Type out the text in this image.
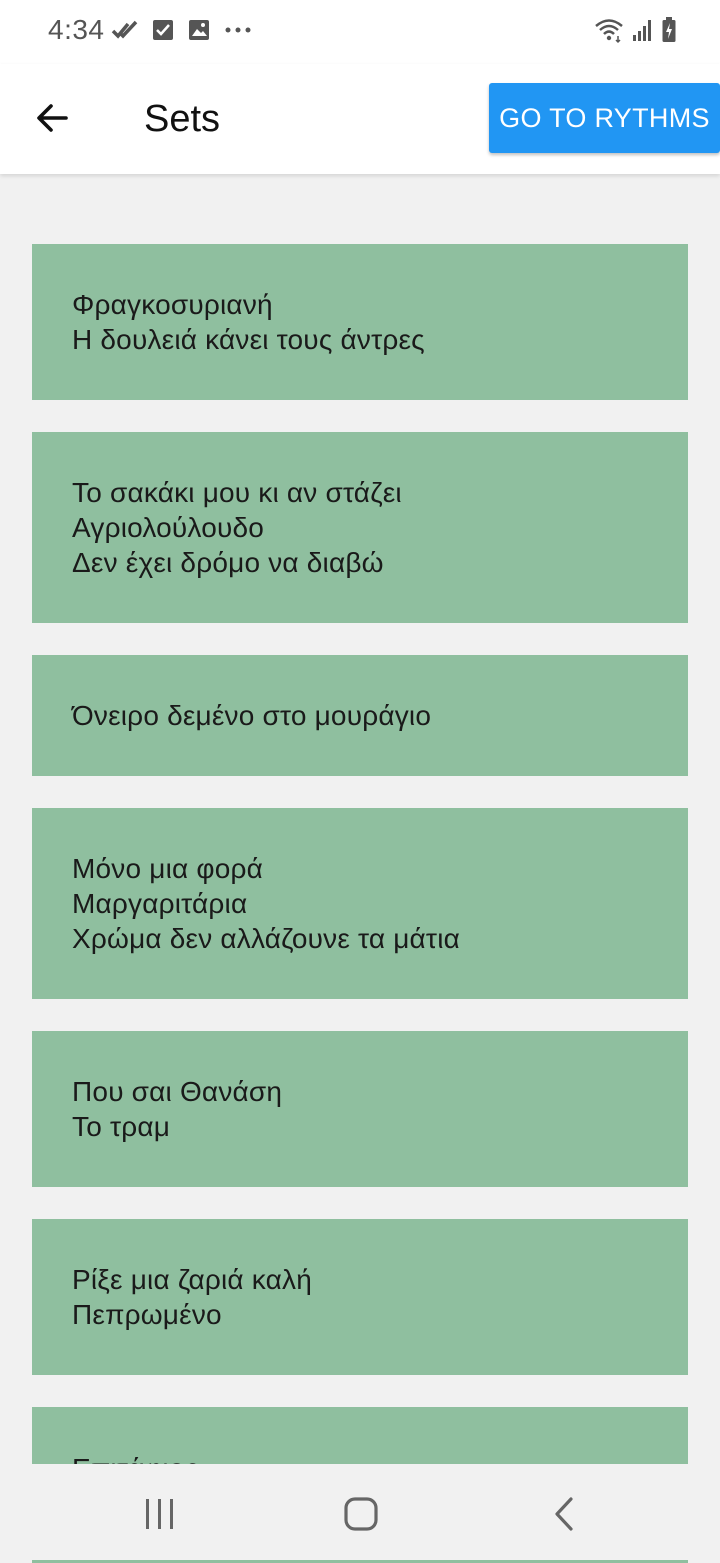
4:34
Sets	GO TO RYTHMS
Φραγκοσυριανή
Η δουλειά κάνει τους άντρες
Το σακάκι μου κι αν στάζει
Αγριολούλουδο
Δεν έχει δρόμο να διαβώ
Όνειρο δεμένο στο μουράγιο
Μόνο μια φορά
Μαργαριτάρια
Χρώμα δεν αλλάζουνε τα μάτια
Που σαι Θανάση
Το τραμ
Ρίξε μια ζαριά καλή
Πεπρωμένο
